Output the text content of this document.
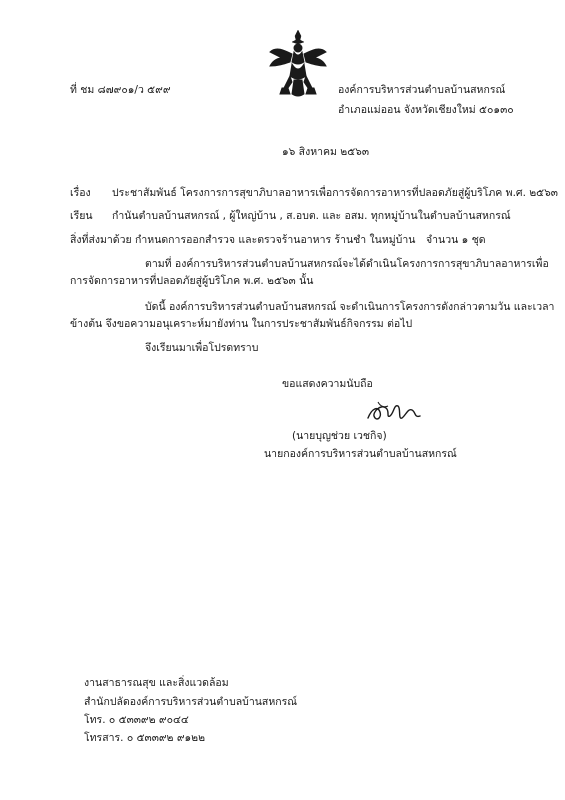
ที่ ชม ๘๗๙๐๑/ว ๕๙๙	องค์การบริหารส่วนตำบลบ้านสหกรณ์
อำเภอแม่ออน จังหวัดเชียงใหม่ ๕๐๑๓๐
๑๖ สิงหาคม ๒๕๖๓
เรื่อง ประชาสัมพันธ์ โครงการการสุขาภิบาลอาหารเพื่อการจัดการอาหารที่ปลอดภัยสู่ผู้บริโภค พ.ศ. ๒๕๖๓
เรียน กำนันตำบลบ้านสหกรณ์ , ผู้ใหญ่บ้าน , ส.อบต. และ อสม. ทุกหมู่บ้านในตำบลบ้านสหกรณ์
สิ่งที่ส่งมาด้วย กำหนดการออกสำรวจ และตรวจร้านอาหาร ร้านชำ ในหมู่บ้าน จำนวน ๑ ชุด
ตามที่ องค์การบริหารส่วนตำบลบ้านสหกรณ์จะได้ดำเนินโครงการการสุขาภิบาลอาหารเพื่อ
การจัดการอาหารที่ปลอดภัยสู่ผู้บริโภค พ.ศ. ๒๕๖๓ นั้น
บัดนี้ องค์การบริหารส่วนตำบลบ้านสหกรณ์ จะดำเนินการโครงการดังกล่าวตามวัน และเวลา
ข้างต้น จึงขอความอนุเคราะห์มายังท่าน ในการประชาสัมพันธ์กิจกรรม ต่อไป
จึงเรียนมาเพื่อโปรดทราบ
ขอแสดงความนับถือ
(นายบุญช่วย เวชกิจ)
นายกองค์การบริหารส่วนตำบลบ้านสหกรณ์
งานสาธารณสุข และสิ่งแวดล้อม
สำนักปลัดองค์การบริหารส่วนตำบลบ้านสหกรณ์
โทร. ๐ ๕๓๓๙๒ ๙๐๔๔
โทรสาร. ๐ ๕๓๓๙๒ ๙๑๒๒
